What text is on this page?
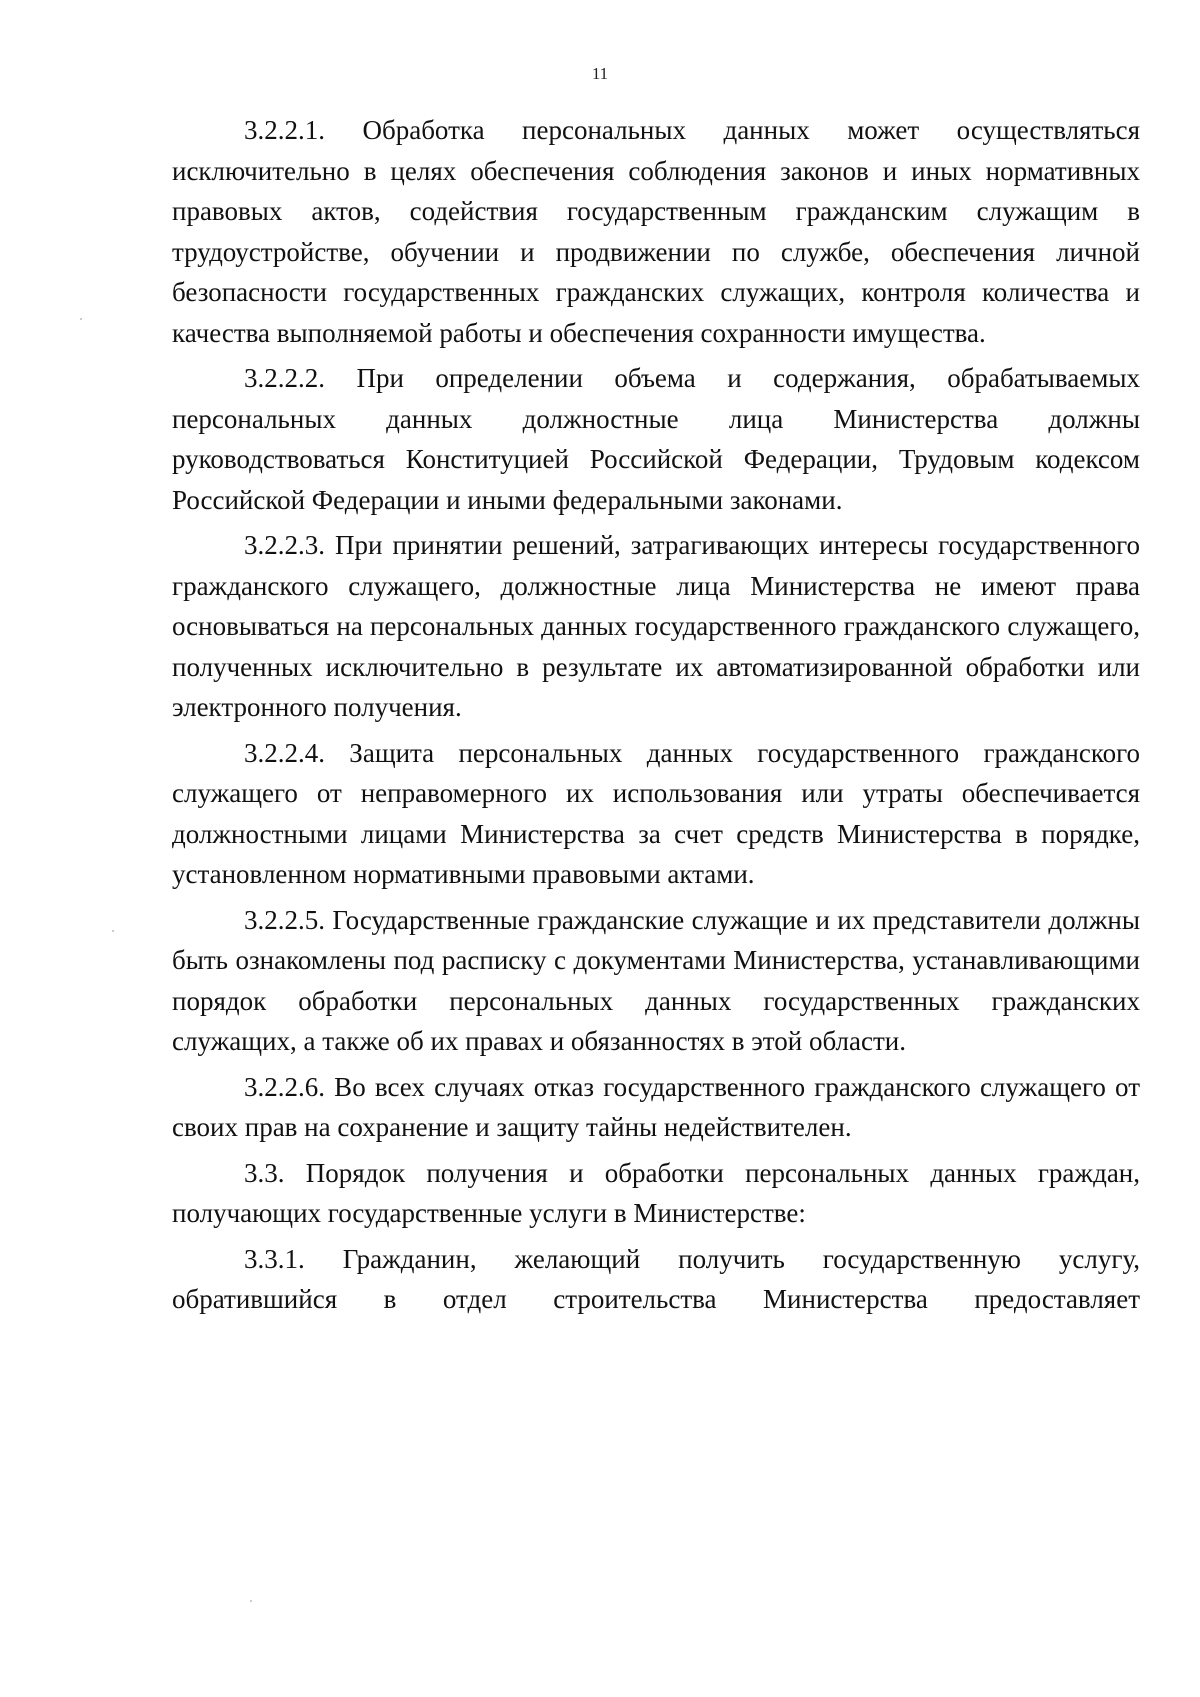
11

3.2.2.1. Обработка персональных данных может осуществляться исключительно в целях обеспечения соблюдения законов и иных нормативных правовых актов, содействия государственным гражданским служащим в трудоустройстве, обучении и продвижении по службе, обеспечения личной безопасности государственных гражданских служащих, контроля количества и качества выполняемой работы и обеспечения сохранности имущества.

3.2.2.2. При определении объема и содержания, обрабатываемых персональных данных должностные лица Министерства должны руководствоваться Конституцией Российской Федерации, Трудовым кодексом Российской Федерации и иными федеральными законами.

3.2.2.3. При принятии решений, затрагивающих интересы государственного гражданского служащего, должностные лица Министерства не имеют права основываться на персональных данных государственного гражданского служащего, полученных исключительно в результате их автоматизированной обработки или электронного получения.

3.2.2.4. Защита персональных данных государственного гражданского служащего от неправомерного их использования или утраты обеспечивается должностными лицами Министерства за счет средств Министерства в порядке, установленном нормативными правовыми актами.

3.2.2.5. Государственные гражданские служащие и их представители должны быть ознакомлены под расписку с документами Министерства, устанавливающими порядок обработки персональных данных государственных гражданских служащих, а также об их правах и обязанностях в этой области.

3.2.2.6. Во всех случаях отказ государственного гражданского служащего от своих прав на сохранение и защиту тайны недействителен.

3.3. Порядок получения и обработки персональных данных граждан, получающих государственные услуги в Министерстве:

3.3.1. Гражданин, желающий получить государственную услугу, обратившийся в отдел строительства Министерства предоставляет
